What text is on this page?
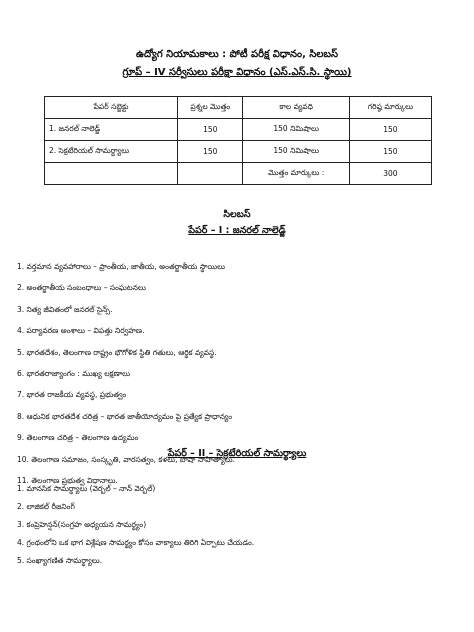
ఉద్యోగ నియామకాలు : పోటీ పరీక్ష విధానం, సిలబస్
గ్రూప్ – IV సర్వీసులు పరీక్షా విధానం (ఎస్.ఎస్.సి. స్థాయి)
పేపర్ సబ్జెక్టు	ప్రశ్నల మొత్తం	కాల వ్యవధి	గరిష్ఠ మార్కులు
1. జనరల్ నాలెడ్జ్	150	150 నిమిషాలు	150
2. సెక్రటేరియల్ సామర్థ్యాలు	150	150 నిమిషాలు	150
		మొత్తం మార్కులు :	300
సిలబస్
పేపర్ – I : జనరల్ నాలెడ్జ్
1. వర్తమాన వ్యవహారాలు – ప్రాంతీయ, జాతీయ, అంతర్జాతీయ స్థాయిలు
2. అంతర్జాతీయ సంబంధాలు – సంఘటనలు
3. నిత్య జీవితంలో జనరల్ సైన్స్.
4. పర్యావరణ అంశాలు – విపత్తు నిర్వహణ.
5. భారతదేశం, తెలంగాణ రాష్ట్రం భౌగోళిక స్థితి గతులు, ఆర్థిక వ్యవస్థ.
6. భారతరాజ్యాంగం : ముఖ్య లక్షణాలు
7. భారత రాజకీయ వ్యవస్థ, ప్రభుత్వం
8. ఆధునిక భారతదేశ చరిత్ర – భారత జాతీయోద్యమం పై ప్రత్యేక ప్రాధాన్యం
9. తెలంగాణ చరిత్ర – తెలంగాణ ఉద్యమం
10. తెలంగాణ సమాజం, సంస్కృతి, వారసత్వం, కళలు, బాషా సాహిత్యాలు.
11. తెలంగాణ ప్రభుత్వ విధానాలు.
పేపర్ – II – సెక్రటేరియల్ సామర్థ్యాలు
1. మానసిక సామర్థ్యాలు (వెర్బల్ – నాన్ వెర్బల్)
2. లాజికల్ రీజనింగ్
3. కంప్రెహెన్షన్(సంగ్రహ అధ్యయన సామర్థ్యం)
4. గ్రంథంలోని ఒక భాగ విశ్లేషణ సామర్థ్యం కోసం వాక్యాలు తిరిగి ఏర్పాటు చేయడం.
5. సంఖ్యాగణిత సామర్థ్యాలు.
